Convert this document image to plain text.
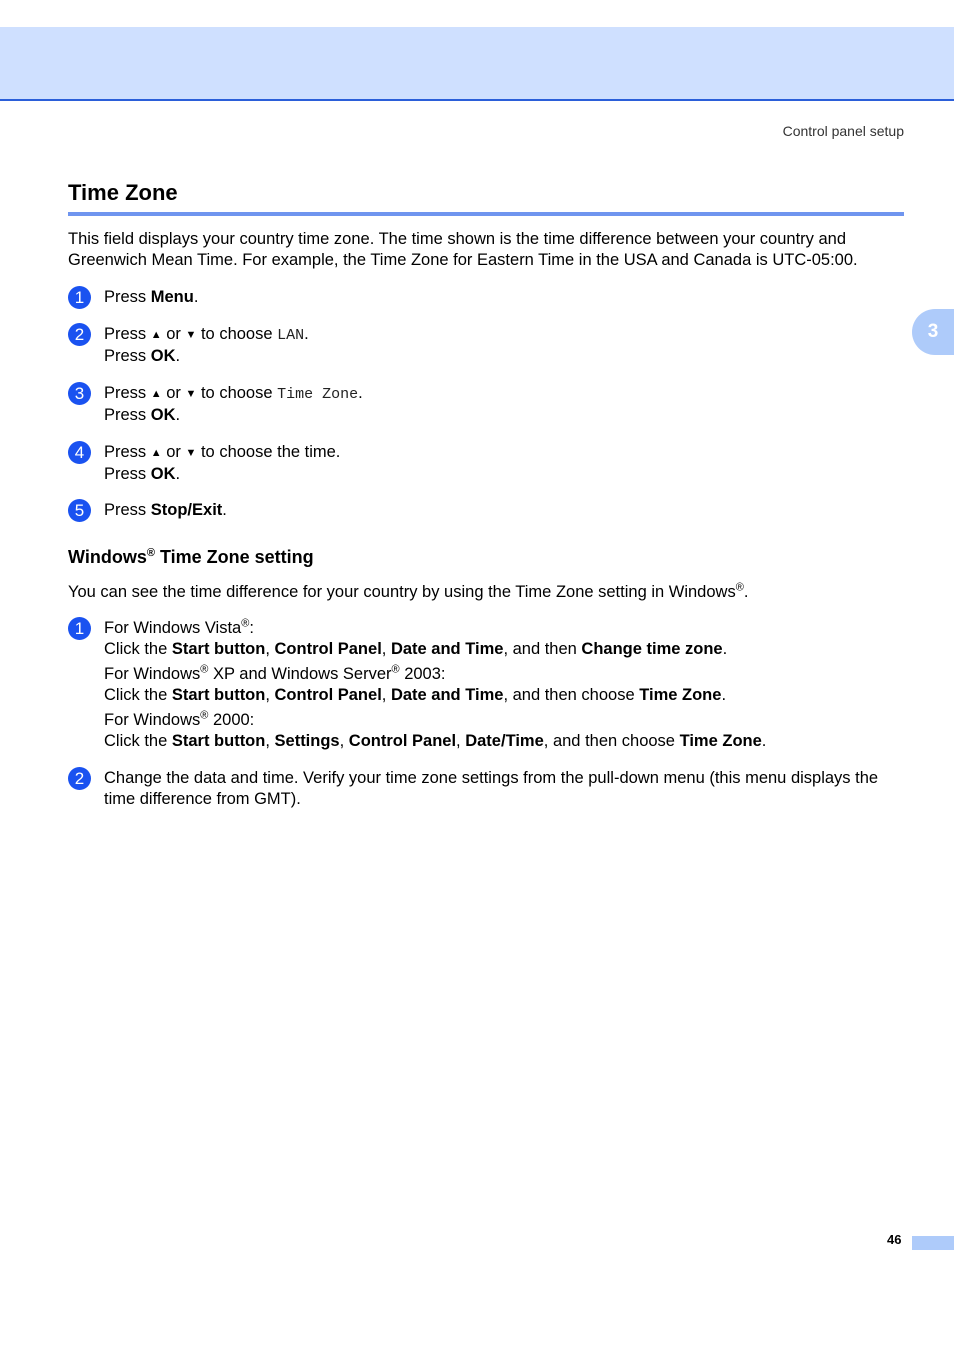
Control panel setup
3
Time Zone

This field displays your country time zone. The time shown is the time difference between your country and Greenwich Mean Time. For example, the Time Zone for Eastern Time in the USA and Canada is UTC-05:00.

1	Press Menu.
2	Press ▲ or ▼ to choose LAN.
Press OK.
3	Press ▲ or ▼ to choose Time Zone.
Press OK.
4	Press ▲ or ▼ to choose the time.
Press OK.
5	Press Stop/Exit.
Windows® Time Zone setting

You can see the time difference for your country by using the Time Zone setting in Windows®.

1	For Windows Vista®:
Click the Start button, Control Panel, Date and Time, and then Change time zone.
For Windows® XP and Windows Server® 2003:
Click the Start button, Control Panel, Date and Time, and then choose Time Zone.
For Windows® 2000:
Click the Start button, Settings, Control Panel, Date/Time, and then choose Time Zone.
2	Change the data and time. Verify your time zone settings from the pull-down menu (this menu displays the time difference from GMT).
46
